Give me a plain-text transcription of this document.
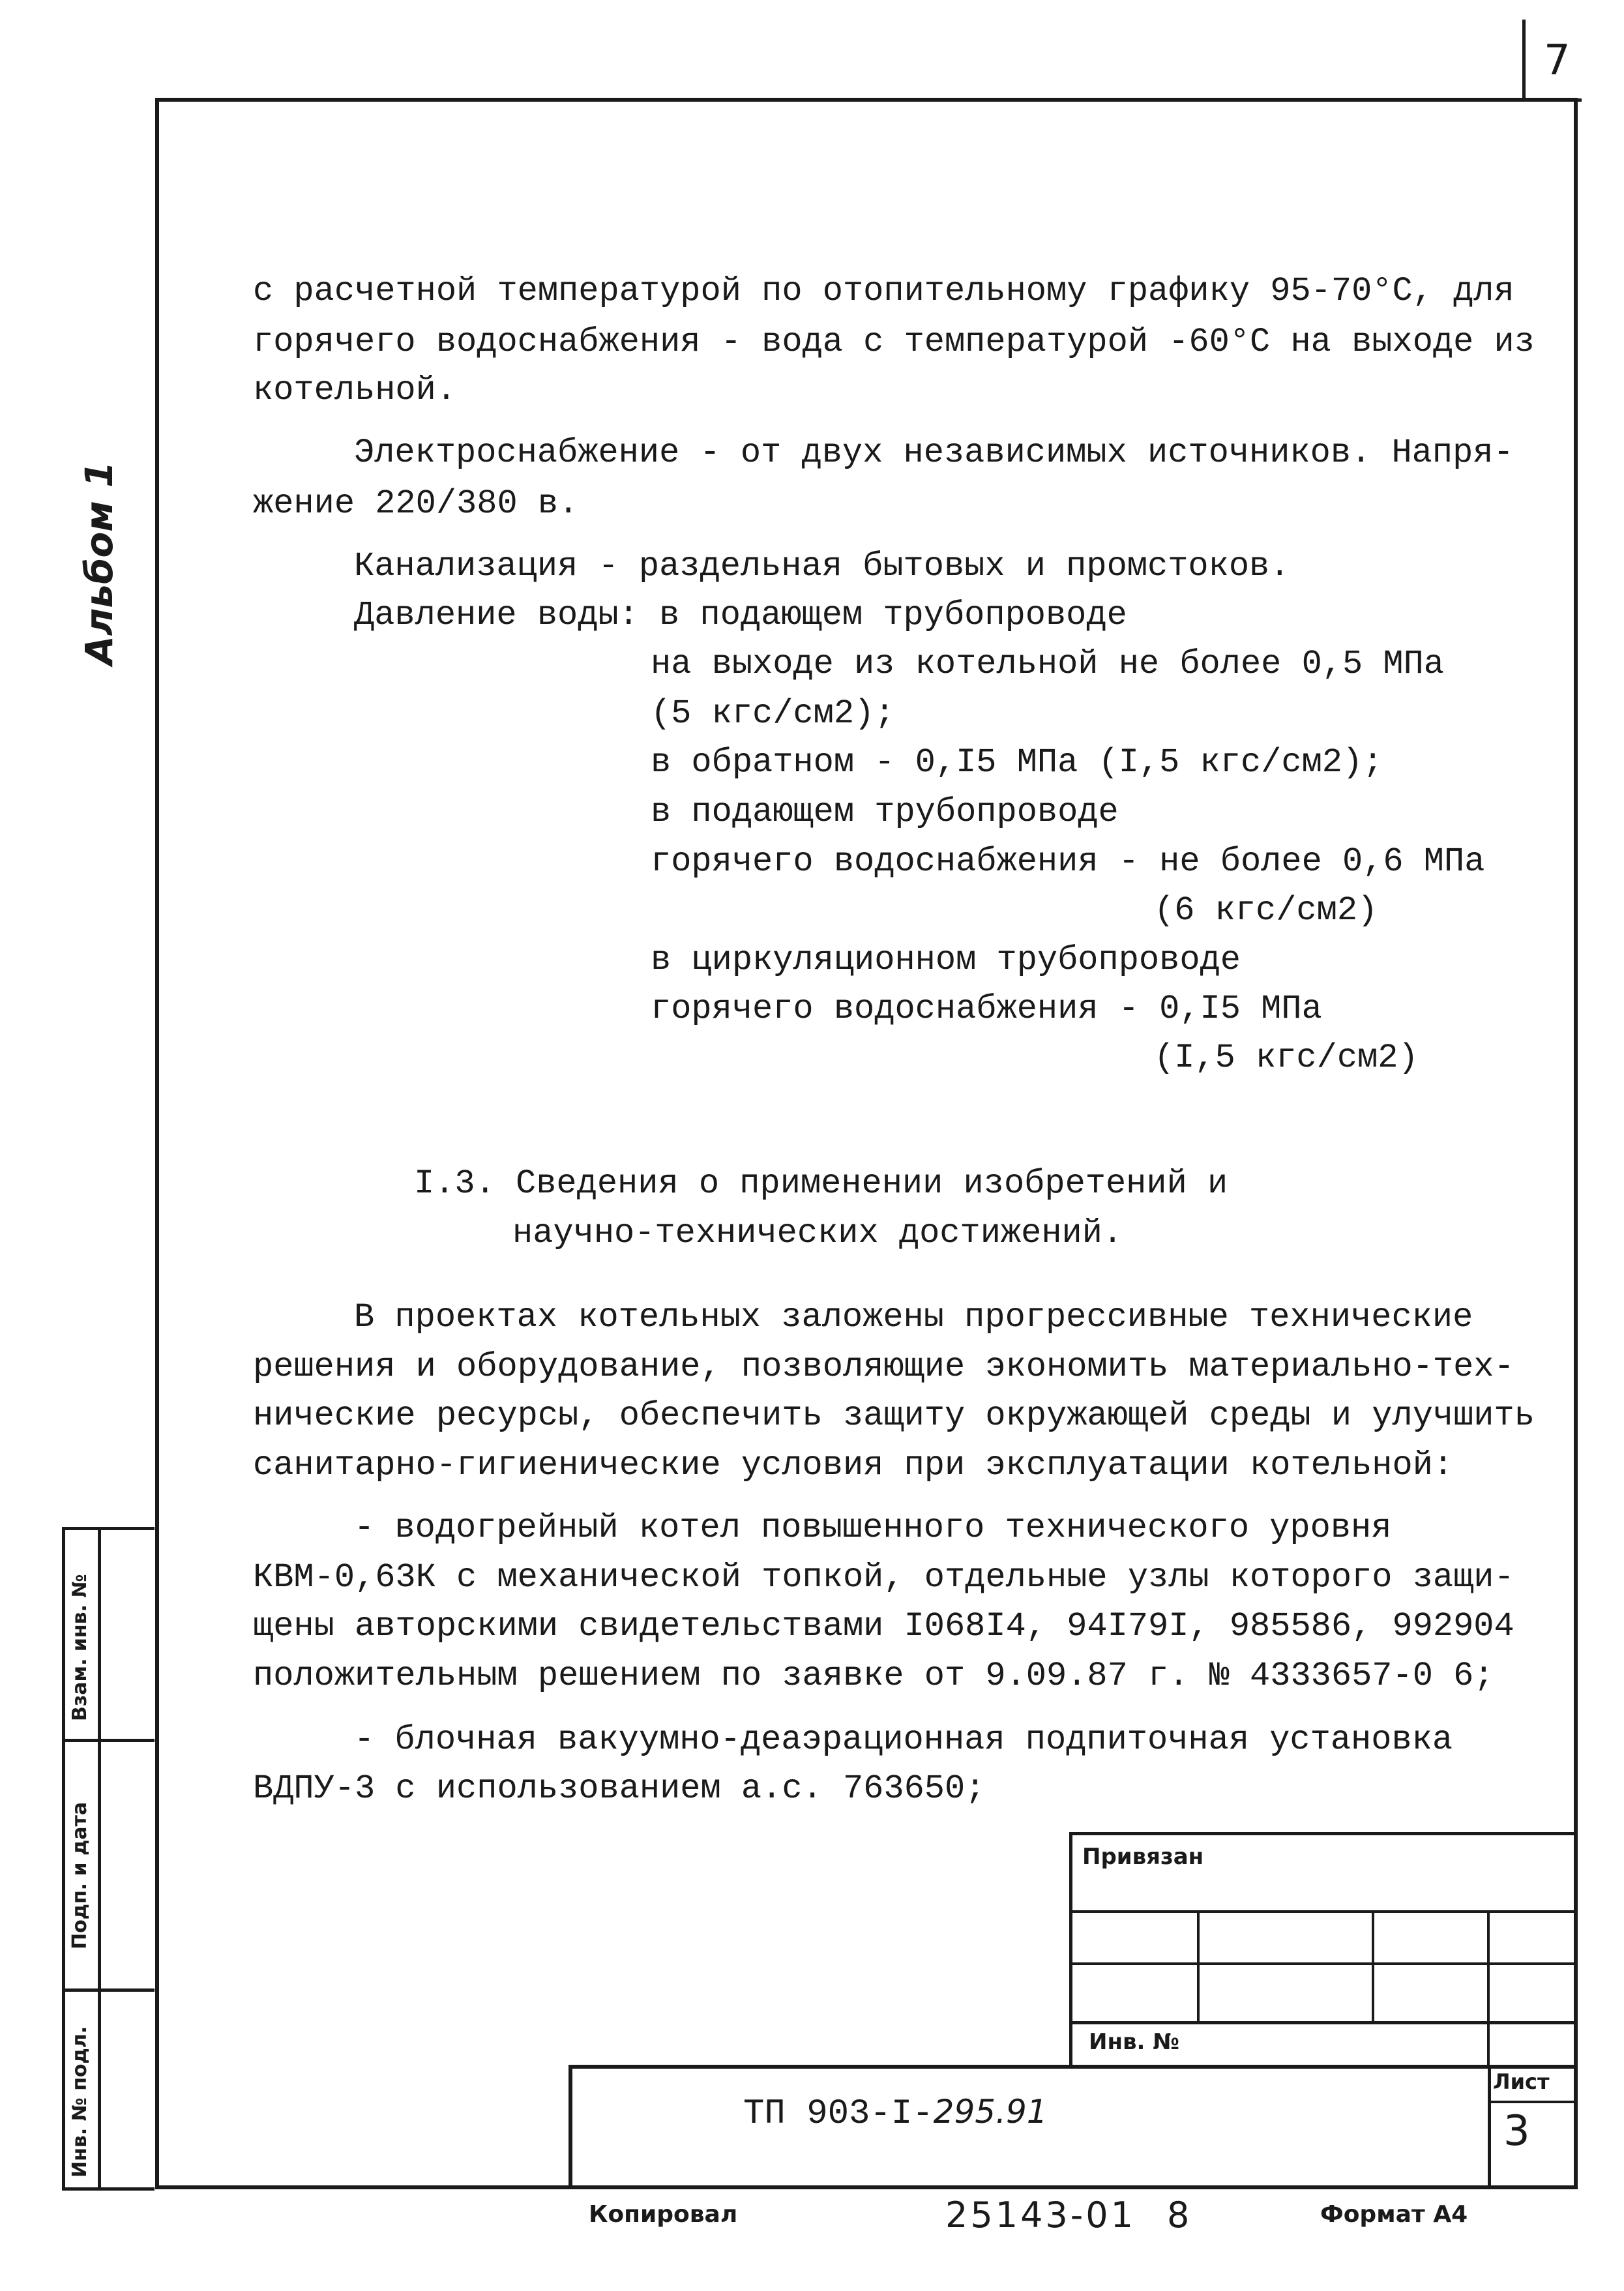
7
Альбом 1
с расчетной температурой по отопительному графику 95-70°С, для
горячего водоснабжения - вода с температурой -60°С на выходе из
котельной.
Электроснабжение - от двух независимых источников. Напря-
жение 220/380 в.
Канализация - раздельная бытовых и промстоков.
Давление воды: в подающем трубопроводе
на выходе из котельной не более 0,5 МПа
(5 кгс/см2);
в обратном - 0,I5 МПа (I,5 кгс/см2);
в подающем трубопроводе
горячего водоснабжения - не более 0,6 МПа
(6 кгс/см2)
в циркуляционном трубопроводе
горячего водоснабжения - 0,I5 МПа
(I,5 кгс/см2)
I.3. Сведения о применении изобретений и
научно-технических достижений.
В проектах котельных заложены прогрессивные технические
решения и оборудование, позволяющие экономить материально-тех-
нические ресурсы, обеспечить защиту окружающей среды и улучшить
санитарно-гигиенические условия при эксплуатации котельной:
- водогрейный котел повышенного технического уровня
КВМ-0,63К с механической топкой, отдельные узлы которого защи-
щены авторскими свидетельствами I068I4, 94I79I, 985586, 992904
положительным решением по заявке от 9.09.87 г. № 4333657-0 6;
- блочная вакуумно-деаэрационная подпиточная установка
ВДПУ-3 с использованием а.с. 763650;
Взам. инв. №
Подп. и дата
Инв. № подл.
Привязан
Инв. №
ТП 903-I-295.91
Лист
3
Копировал	25143-01 8	Формат А4
